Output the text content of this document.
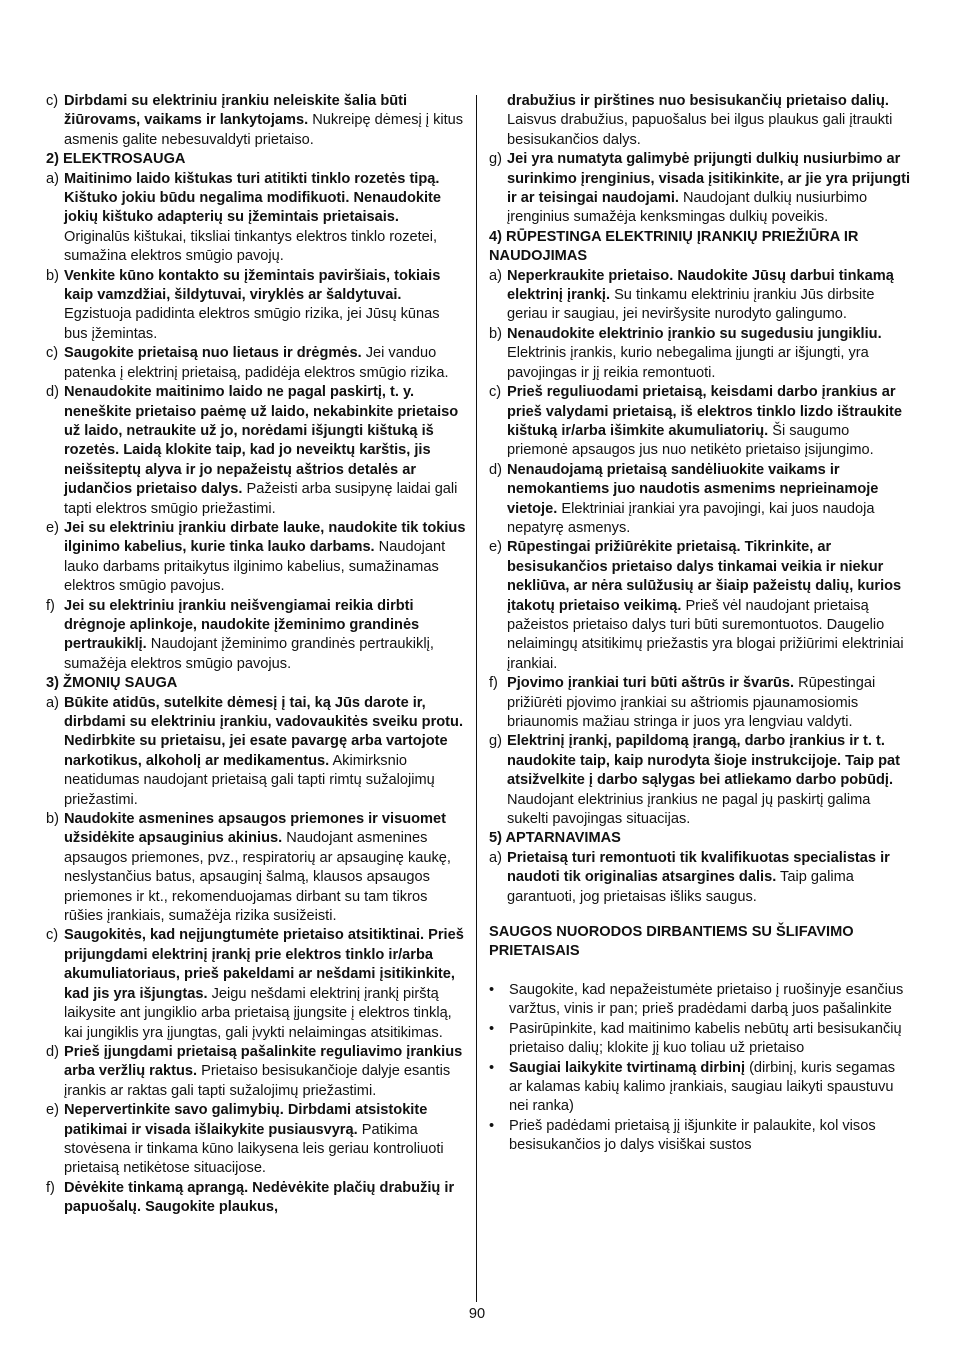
c) Dirbdami su elektriniu įrankiu neleiskite šalia būti žiūrovams, vaikams ir lankytojams. Nukreipę dėmesį į kitus asmenis galite nebesuvaldyti prietaiso.
2) ELEKTROSAUGA
a) Maitinimo laido kištukas turi atitikti tinklo rozetės tipą. Kištuko jokiu būdu negalima modifikuoti. Nenaudokite jokių kištuko adapterių su įžemintais prietaisais. Originalūs kištukai, tiksliai tinkantys elektros tinklo rozetei, sumažina elektros smūgio pavojų.
b) Venkite kūno kontakto su įžemintais paviršiais, tokiais kaip vamzdžiai, šildytuvai, viryklės ar šaldytuvai. Egzistuoja padidinta elektros smūgio rizika, jei Jūsų kūnas bus įžemintas.
c) Saugokite prietaisą nuo lietaus ir drėgmės. Jei vanduo patenka į elektrinį prietaisą, padidėja elektros smūgio rizika.
d) Nenaudokite maitinimo laido ne pagal paskirtį, t. y. neneškite prietaiso paėmę už laido, nekabinkite prietaiso už laido, netraukite už jo, norėdami išjungti kištuką iš rozetės. Laidą klokite taip, kad jo neveiktų karštis, jis neišsiteptų alyva ir jo nepažeistų aštrios detalės ar judančios prietaiso dalys. Pažeisti arba susipynę laidai gali tapti elektros smūgio priežastimi.
e) Jei su elektriniu įrankiu dirbate lauke, naudokite tik tokius ilginimo kabelius, kurie tinka lauko darbams. Naudojant lauko darbams pritaikytus ilginimo kabelius, sumažinamas elektros smūgio pavojus.
f) Jei su elektriniu įrankiu neišvengiamai reikia dirbti drėgnoje aplinkoje, naudokite įžeminimo grandinės pertraukiklį. Naudojant įžeminimo grandinės pertraukiklį, sumažėja elektros smūgio pavojus.
3) ŽMONIŲ SAUGA
a) Būkite atidūs, sutelkite dėmesį į tai, ką Jūs darote ir, dirbdami su elektriniu įrankiu, vadovaukitės sveiku protu. Nedirbkite su prietaisu, jei esate pavargę arba vartojote narkotikus, alkoholį ar medikamentus. Akimirksnio neatidumas naudojant prietaisą gali tapti rimtų sužalojimų priežastimi.
b) Naudokite asmenines apsaugos priemones ir visuomet užsidėkite apsauginius akinius. Naudojant asmenines apsaugos priemones, pvz., respiratorių ar apsauginę kaukę, neslystančius batus, apsauginį šalmą, klausos apsaugos priemones ir kt., rekomenduojamas dirbant su tam tikros rūšies įrankiais, sumažėja rizika susižeisti.
c) Saugokitės, kad neįjungtumėte prietaiso atsitiktinai. Prieš prijungdami elektrinį įrankį prie elektros tinklo ir/arba akumuliatoriaus, prieš pakeldami ar nešdami įsitikinkite, kad jis yra išjungtas. Jeigu nešdami elektrinį įrankį pirštą laikysite ant jungiklio arba prietaisą įjungsite į elektros tinklą, kai jungiklis yra įjungtas, gali įvykti nelaimingas atsitikimas.
d) Prieš įjungdami prietaisą pašalinkite reguliavimo įrankius arba veržlių raktus. Prietaiso besisukančioje dalyje esantis įrankis ar raktas gali tapti sužalojimų priežastimi.
e) Nepervertinkite savo galimybių. Dirbdami atsistokite patikimai ir visada išlaikykite pusiausvyrą. Patikima stovėsena ir tinkama kūno laikysena leis geriau kontroliuoti prietaisą netikėtose situacijose.
f) Dėvėkite tinkamą aprangą. Nedėvėkite plačių drabužių ir papuošalų. Saugokite plaukus,
drabužius ir pirštines nuo besisukančių prietaiso dalių. Laisvus drabužius, papuošalus bei ilgus plaukus gali įtraukti besisukančios dalys.
g) Jei yra numatyta galimybė prijungti dulkių nusiurbimo ar surinkimo įrenginius, visada įsitikinkite, ar jie yra prijungti ir ar teisingai naudojami. Naudojant dulkių nusiurbimo įrenginius sumažėja kenksmingas dulkių poveikis.
4) RŪPESTINGA ELEKTRINIŲ ĮRANKIŲ PRIEŽIŪRA IR NAUDOJIMAS
a) Neperkraukite prietaiso. Naudokite Jūsų darbui tinkamą elektrinį įrankį. Su tinkamu elektriniu įrankiu Jūs dirbsite geriau ir saugiau, jei neviršysite nurodyto galingumo.
b) Nenaudokite elektrinio įrankio su sugedusiu jungikliu. Elektrinis įrankis, kurio nebegalima įjungti ar išjungti, yra pavojingas ir jį reikia remontuoti.
c) Prieš reguliuodami prietaisą, keisdami darbo įrankius ar prieš valydami prietaisą, iš elektros tinklo lizdo ištraukite kištuką ir/arba išimkite akumuliatorių. Ši saugumo priemonė apsaugos jus nuo netikėto prietaiso įsijungimo.
d) Nenaudojamą prietaisą sandėliuokite vaikams ir nemokantiems juo naudotis asmenims neprieinamoje vietoje. Elektriniai įrankiai yra pavojingi, kai juos naudoja nepatyrę asmenys.
e) Rūpestingai prižiūrėkite prietaisą. Tikrinkite, ar besisukančios prietaiso dalys tinkamai veikia ir niekur nekliūva, ar nėra sulūžusių ar šiaip pažeistų dalių, kurios įtakotų prietaiso veikimą. Prieš vėl naudojant prietaisą pažeistos prietaiso dalys turi būti suremontuotos. Daugelio nelaimingų atsitikimų priežastis yra blogai prižiūrimi elektriniai įrankiai.
f) Pjovimo įrankiai turi būti aštrūs ir švarūs. Rūpestingai prižiūrėti pjovimo įrankiai su aštriomis pjaunamosiomis briaunomis mažiau stringa ir juos yra lengviau valdyti.
g) Elektrinį įrankį, papildomą įrangą, darbo įrankius ir t. t. naudokite taip, kaip nurodyta šioje instrukcijoje. Taip pat atsižvelkite į darbo sąlygas bei atliekamo darbo pobūdį. Naudojant elektrinius įrankius ne pagal jų paskirtį galima sukelti pavojingas situacijas.
5) APTARNAVIMAS
a) Prietaisą turi remontuoti tik kvalifikuotas specialistas ir naudoti tik originalias atsargines dalis. Taip galima garantuoti, jog prietaisas išliks saugus.
SAUGOS NUORODOS DIRBANTIEMS SU ŠLIFAVIMO PRIETAISAIS
• Saugokite, kad nepažeistumėte prietaiso į ruošinyje esančius varžtus, vinis ir pan; prieš pradėdami darbą juos pašalinkite
• Pasirūpinkite, kad maitinimo kabelis nebūtų arti besisukančių prietaiso dalių; klokite jį kuo toliau už prietaiso
• Saugiai laikykite tvirtinamą dirbinį (dirbinį, kuris segamas ar kalamas kabių kalimo įrankiais, saugiau laikyti spaustuvu nei ranka)
• Prieš padėdami prietaisą jį išjunkite ir palaukite, kol visos besisukančios jo dalys visiškai sustos
90
